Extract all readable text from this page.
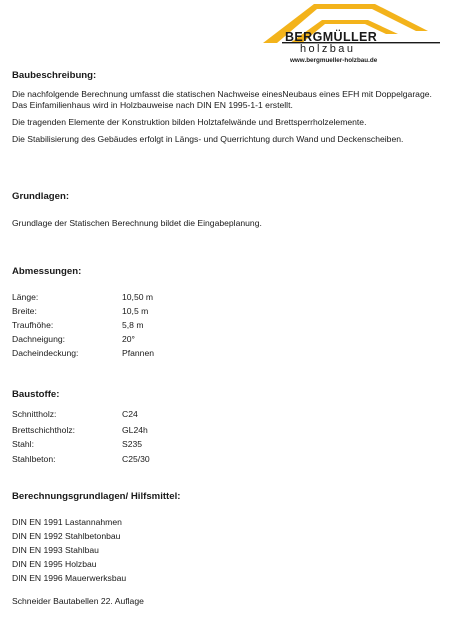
BERGMÜLLER
holzbau
www.bergmueller-holzbau.de
Baubeschreibung:
Die nachfolgende Berechnung umfasst die statischen Nachweise einesNeubaus eines EFH mit Doppelgarage. Das Einfamilienhaus wird in Holzbauweise nach DIN EN 1995-1-1 erstellt.
Die tragenden Elemente der Konstruktion bilden Holztafelwände und Brettsperrholzelemente.
Die Stabilisierung des Gebäudes erfolgt in Längs- und Querrichtung durch Wand und Deckenscheiben.
Grundlagen:
Grundlage der Statischen Berechnung bildet die Eingabeplanung.
Abmessungen:
Länge:	10,50 m
Breite:	10,5 m
Traufhöhe:	5,8 m
Dachneigung:	20°
Dacheindeckung:	Pfannen
Baustoffe:
Schnittholz:	C24
Brettschichtholz:	GL24h
Stahl:	S235
Stahlbeton:	C25/30
Berechnungsgrundlagen/ Hilfsmittel:
DIN EN 1991 Lastannahmen
DIN EN 1992 Stahlbetonbau
DIN EN 1993 Stahlbau
DIN EN 1995 Holzbau
DIN EN 1996 Mauerwerksbau
Schneider Bautabellen 22. Auflage
